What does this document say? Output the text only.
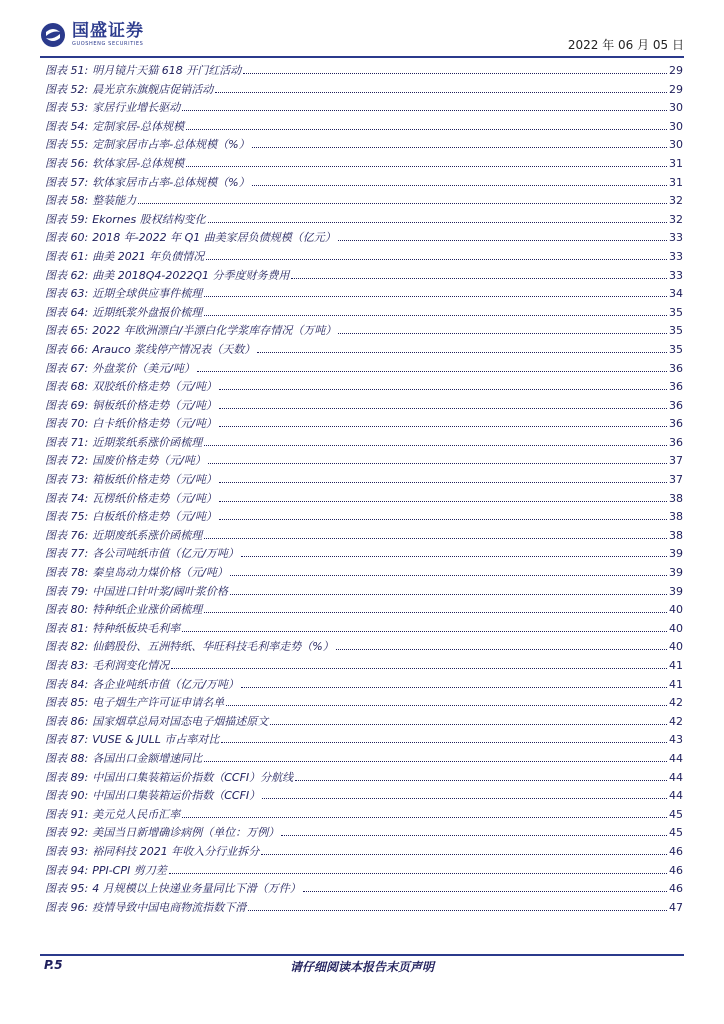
国盛证券
GUOSHENG SECURITIES	2022 年 06 月 05 日
图表 51: 明月镜片天猫 618 开门红活动	29
图表 52: 晨光京东旗舰店促销活动	29
图表 53: 家居行业增长驱动	30
图表 54: 定制家居-总体规模	30
图表 55: 定制家居市占率-总体规模（%）	30
图表 56: 软体家居-总体规模	31
图表 57: 软体家居市占率-总体规模（%）	31
图表 58: 整装能力	32
图表 59: Ekornes 股权结构变化	32
图表 60: 2018 年-2022 年 Q1 曲美家居负债规模（亿元）	33
图表 61: 曲美 2021 年负债情况	33
图表 62: 曲美 2018Q4-2022Q1 分季度财务费用	33
图表 63: 近期全球供应事件梳理	34
图表 64: 近期纸浆外盘报价梳理	35
图表 65: 2022 年欧洲漂白/半漂白化学浆库存情况（万吨）	35
图表 66: Arauco 浆线停产情况表（天数）	35
图表 67: 外盘浆价（美元/吨）	36
图表 68: 双胶纸价格走势（元/吨）	36
图表 69: 铜板纸价格走势（元/吨）	36
图表 70: 白卡纸价格走势（元/吨）	36
图表 71: 近期浆纸系涨价函梳理	36
图表 72: 国废价格走势（元/吨）	37
图表 73: 箱板纸价格走势（元/吨）	37
图表 74: 瓦楞纸价格走势（元/吨）	38
图表 75: 白板纸价格走势（元/吨）	38
图表 76: 近期废纸系涨价函梳理	38
图表 77: 各公司吨纸市值（亿元/万吨）	39
图表 78: 秦皇岛动力煤价格（元/吨）	39
图表 79: 中国进口针叶浆/阔叶浆价格	39
图表 80: 特种纸企业涨价函梳理	40
图表 81: 特种纸板块毛利率	40
图表 82: 仙鹤股份、五洲特纸、华旺科技毛利率走势（%）	40
图表 83: 毛利润变化情况	41
图表 84: 各企业吨纸市值（亿元/万吨）	41
图表 85: 电子烟生产许可证申请名单	42
图表 86: 国家烟草总局对国态电子烟描述原文	42
图表 87: VUSE & JULL 市占率对比	43
图表 88: 各国出口金额增速同比	44
图表 89: 中国出口集装箱运价指数（CCFI）分航线	44
图表 90: 中国出口集装箱运价指数（CCFI）	44
图表 91: 美元兑人民币汇率	45
图表 92: 美国当日新增确诊病例（单位：万例）	45
图表 93: 裕同科技 2021 年收入分行业拆分	46
图表 94: PPI-CPI 剪刀差	46
图表 95: 4 月规模以上快递业务量同比下滑（万件）	46
图表 96: 疫情导致中国电商物流指数下滑	47
P.5	请仔细阅读本报告末页声明
